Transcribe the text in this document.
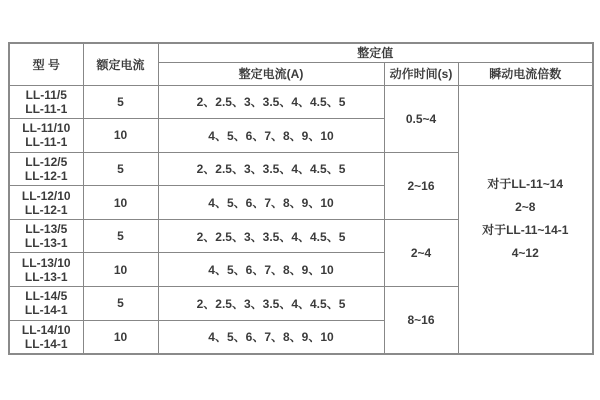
型 号	额定电流	整定值		
		整定电流(A)	动作时间(s)	瞬动电流倍数

LL-11/5
LL-11-1	5	2、2.5、3、3.5、4、4.5、5	0.5~4	
对于LL-11~14
2~8
对于LL-11~14-1
4~12

LL-11/10
LL-11-1	10	4、5、6、7、8、9、10		

LL-12/5
LL-12-1	5	2、2.5、3、3.5、4、4.5、5	2~16	

LL-12/10
LL-12-1	10	4、5、6、7、8、9、10		

LL-13/5
LL-13-1	5	2、2.5、3、3.5、4、4.5、5	2~4	

LL-13/10
LL-13-1	10	4、5、6、7、8、9、10		

LL-14/5
LL-14-1	5	2、2.5、3、3.5、4、4.5、5	8~16	

LL-14/10
LL-14-1	10	4、5、6、7、8、9、10		
